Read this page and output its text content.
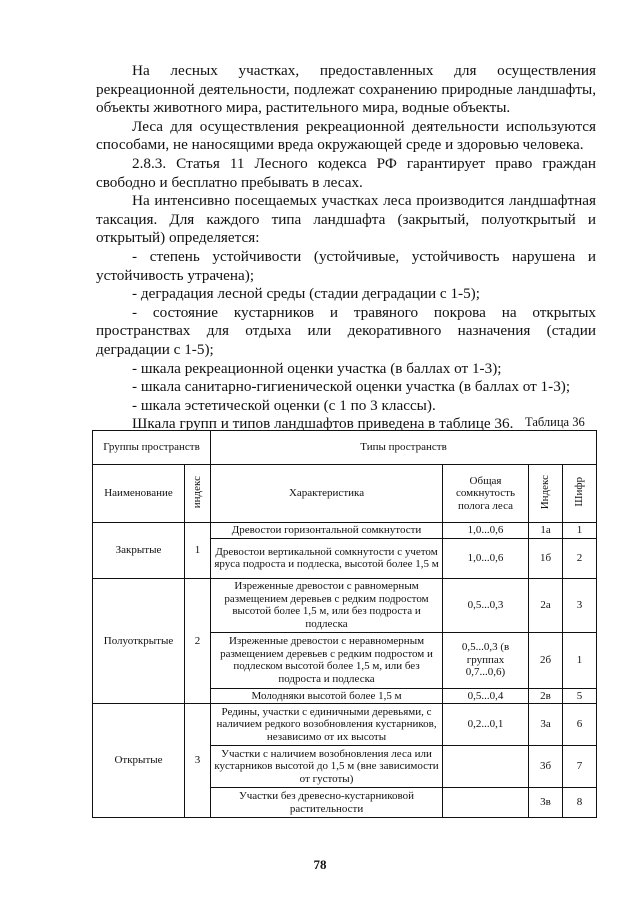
На лесных участках, предоставленных для осуществления рекреационной деятельности, подлежат сохранению природные ландшафты, объекты животного мира, растительного мира, водные объекты.

Леса для осуществления рекреационной деятельности используются способами, не наносящими вреда окружающей среде и здоровью человека.

2.8.3. Статья 11 Лесного кодекса РФ гарантирует право граждан свободно и бесплатно пребывать в лесах.

На интенсивно посещаемых участках леса производится ландшафтная таксация. Для каждого типа ландшафта (закрытый, полуоткрытый и открытый) определяется:

- степень устойчивости (устойчивые, устойчивость нарушена и устойчивость утрачена);

- деградация лесной среды (стадии деградации с 1-5);

- состояние кустарников и травяного покрова на открытых пространствах для отдыха или декоративного назначения (стадии деградации с 1-5);

- шкала рекреационной оценки участка (в баллах от 1-3);

- шкала санитарно-гигиенической оценки участка (в баллах от 1-3);

- шкала эстетической оценки (с 1 по 3 классы).

Шкала групп и типов ландшафтов приведена в таблице 36. Таблица 36
Группы пространств		Типы пространств			
Наименование	индекс	Характеристика	Общая сомкнутость полога леса	Индекс	Шифр
Закрытые	1	Древостои горизонтальной сомкнутости	1,0...0,6	1а	1
		Древостои вертикальной сомкнутости с учетом яруса подроста и подлеска, высотой более 1,5 м	1,0...0,6	1б	2
Полуоткрытые	2	Изреженные древостои с равномерным размещением деревьев с редким подростом высотой более 1,5 м, или без подроста и подлеска	0,5...0,3	2а	3
		Изреженные древостои с неравномерным размещением деревьев с редким подростом и подлеском высотой более 1,5 м, или без подроста и подлеска	0,5...0,3 (в группах 0,7...0,6)	2б	1
		Молодняки высотой более 1,5 м	0,5...0,4	2в	5
Открытые	3	Редины, участки с единичными деревьями, с наличием редкого возобновления кустарников, независимо от их высоты	0,2...0,1	3а	6
		Участки с наличием возобновления леса или кустарников высотой до 1,5 м (вне зависимости от густоты)		3б	7
		Участки без древесно-кустарниковой растительности		3в	8
78
